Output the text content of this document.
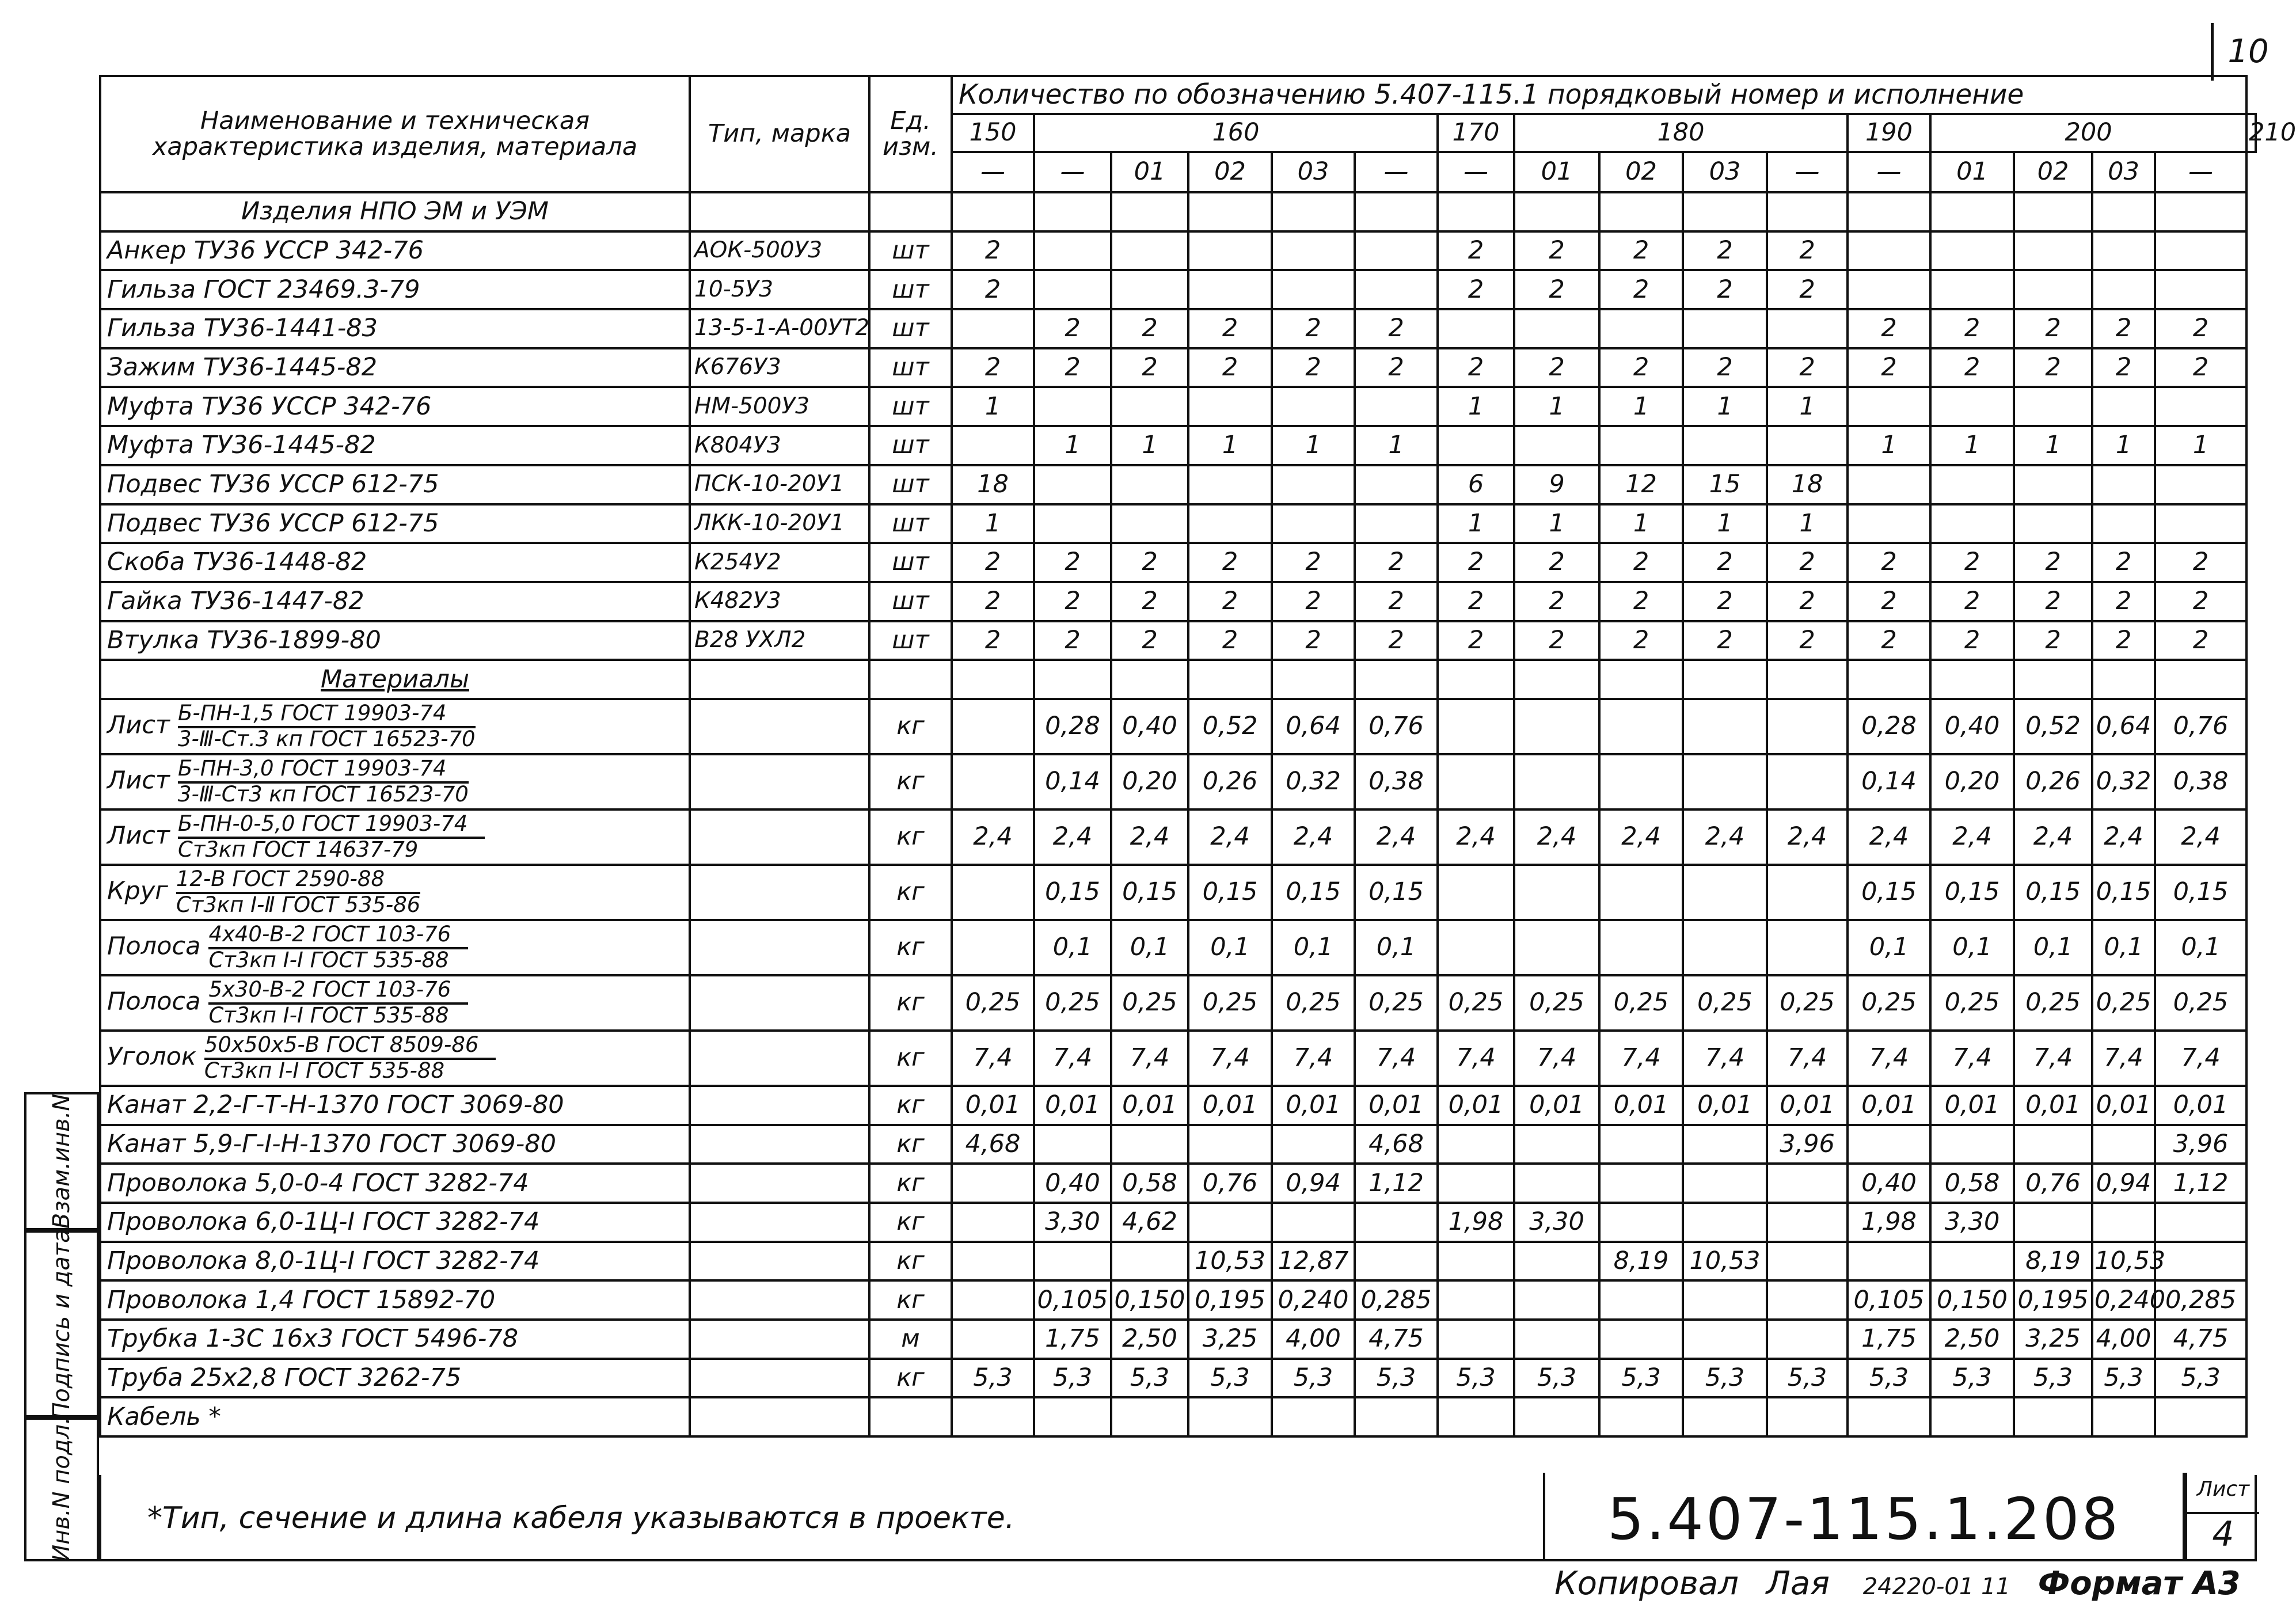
10
Наименование и техническая характеристика изделия, материала	Тип, марка	Ед. изм.	Количество по обозначению 5.407-115.1 порядковый номер и исполнение																
			150	160					170	180				190	200				210
			—	—	01	02	03	—	—	01	02	03	—	—	01	02	03	—	
Изделия НПО ЭМ и УЭМ																			
Анкер ТУ36 УССР 342-76	АОК-500У3	шт	2						2	2	2	2	2						
Гильза ГОСТ 23469.3-79	10-5У3	шт	2						2	2	2	2	2						
Гильза ТУ36-1441-83	13-5-1-А-00УТ2	шт		2	2	2	2	2						2	2	2	2	2	
Зажим ТУ36-1445-82	К676У3	шт	2	2	2	2	2	2	2	2	2	2	2	2	2	2	2	2	
Муфта ТУ36 УССР 342-76	НМ-500У3	шт	1						1	1	1	1	1						
Муфта ТУ36-1445-82	К804У3	шт		1	1	1	1	1						1	1	1	1	1	
Подвес ТУ36 УССР 612-75	ПСК-10-20У1	шт	18						6	9	12	15	18						
Подвес ТУ36 УССР 612-75	ЛКК-10-20У1	шт	1						1	1	1	1	1						
Скоба ТУ36-1448-82	К254У2	шт	2	2	2	2	2	2	2	2	2	2	2	2	2	2	2	2	
Гайка ТУ36-1447-82	К482У3	шт	2	2	2	2	2	2	2	2	2	2	2	2	2	2	2	2	
Втулка ТУ36-1899-80	В28 УХЛ2	шт	2	2	2	2	2	2	2	2	2	2	2	2	2	2	2	2	
Материалы																			
Лист $\frac{\text{Б-ПН-1,5 ГОСТ 19903-74}}{\text{3-Ⅲ-Ст.3 кп ГОСТ 16523-70}}$		кг		0,28	0,40	0,52	0,64	0,76						0,28	0,40	0,52	0,64	0,76	
Лист $\frac{\text{Б-ПН-3,0 ГОСТ 19903-74}}{\text{3-Ⅲ-Ст3 кп ГОСТ 16523-70}}$		кг		0,14	0,20	0,26	0,32	0,38						0,14	0,20	0,26	0,32	0,38	
Лист $\frac{\text{Б-ПН-0-5,0 ГОСТ 19903-74}}{\text{Ст3кп ГОСТ 14637-79}}$		кг	2,4	2,4	2,4	2,4	2,4	2,4	2,4	2,4	2,4	2,4	2,4	2,4	2,4	2,4	2,4	2,4	
Круг $\frac{\text{12-В ГОСТ 2590-88}}{\text{Ст3кп Ⅰ-Ⅱ ГОСТ 535-86}}$		кг		0,15	0,15	0,15	0,15	0,15						0,15	0,15	0,15	0,15	0,15	
Полоса $\frac{\text{4х40-В-2 ГОСТ 103-76}}{\text{Ст3кп Ⅰ-Ⅰ ГОСТ 535-88}}$		кг		0,1	0,1	0,1	0,1	0,1						0,1	0,1	0,1	0,1	0,1	
Полоса $\frac{\text{5х30-В-2 ГОСТ 103-76}}{\text{Ст3кп Ⅰ-Ⅰ ГОСТ 535-88}}$		кг	0,25	0,25	0,25	0,25	0,25	0,25	0,25	0,25	0,25	0,25	0,25	0,25	0,25	0,25	0,25	0,25	
Уголок $\frac{\text{50х50х5-В ГОСТ 8509-86}}{\text{Ст3кп Ⅰ-Ⅰ ГОСТ 535-88}}$		кг	7,4	7,4	7,4	7,4	7,4	7,4	7,4	7,4	7,4	7,4	7,4	7,4	7,4	7,4	7,4	7,4	
Канат 2,2-Г-Т-Н-1370 ГОСТ 3069-80		кг	0,01	0,01	0,01	0,01	0,01	0,01	0,01	0,01	0,01	0,01	0,01	0,01	0,01	0,01	0,01	0,01	
Канат 5,9-Г-Ⅰ-Н-1370 ГОСТ 3069-80		кг	4,68					4,68					3,96					3,96	
Проволока 5,0-0-4 ГОСТ 3282-74		кг		0,40	0,58	0,76	0,94	1,12						0,40	0,58	0,76	0,94	1,12	
Проволока 6,0-1Ц-Ⅰ ГОСТ 3282-74		кг		3,30	4,62				1,98	3,30				1,98	3,30				
Проволока 8,0-1Ц-Ⅰ ГОСТ 3282-74		кг				10,53	12,87				8,19	10,53				8,19	10,53		
Проволока 1,4 ГОСТ 15892-70		кг		0,105	0,150	0,195	0,240	0,285						0,105	0,150	0,195	0,240	0,285	
Трубка 1-3С 16х3 ГОСТ 5496-78		м		1,75	2,50	3,25	4,00	4,75						1,75	2,50	3,25	4,00	4,75	
Труба 25х2,8 ГОСТ 3262-75		кг	5,3	5,3	5,3	5,3	5,3	5,3	5,3	5,3	5,3	5,3	5,3	5,3	5,3	5,3	5,3	5,3	
Кабель *																			
*Тип, сечение и длина кабеля указываются в проекте.	5.407-115.1.208	Лист
4
Инв.N подл.
Подпись и дата
Взам.инв.N
Копировал Лая 24220-01 11 Формат А3
